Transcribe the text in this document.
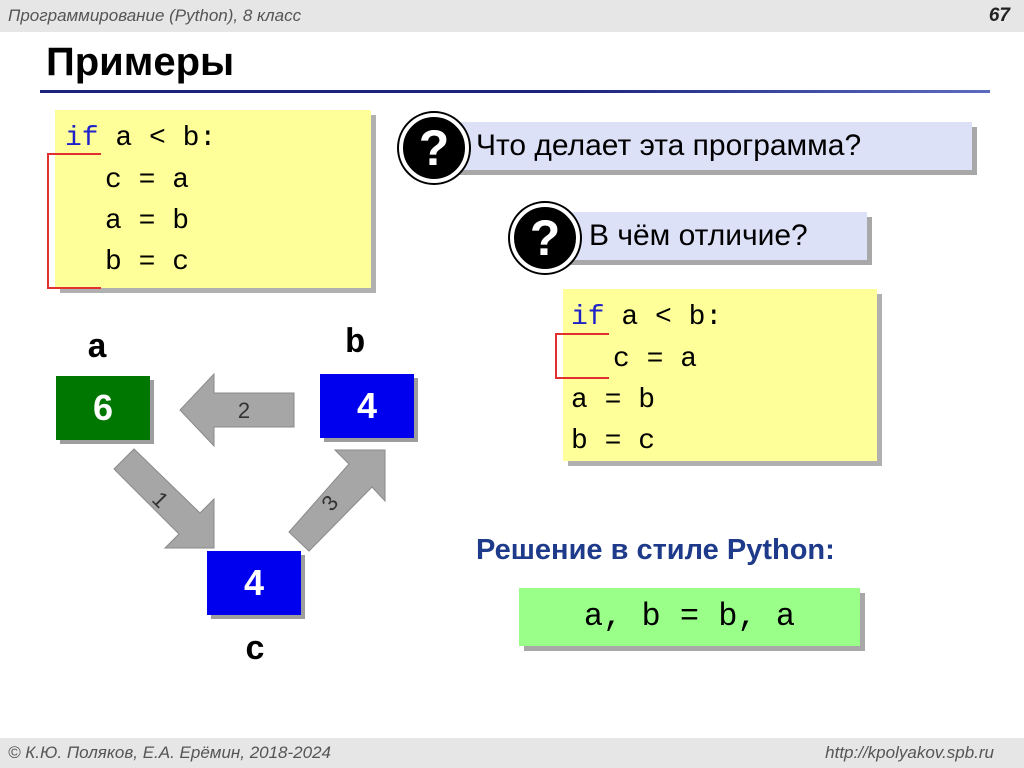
Программирование (Python), 8 класс	67
Примеры
if a < b:
c = a
a = b
b = c
Что делает эта программа?
?
В чём отличие?
?
if a < b:
c = a
a = b
b = c
a	b
c
6	4
4
2
1	3
Решение в стиле Python:
a, b = b, a
© К.Ю. Поляков, Е.А. Ерёмин, 2018-2024	http://kpolyakov.spb.ru
